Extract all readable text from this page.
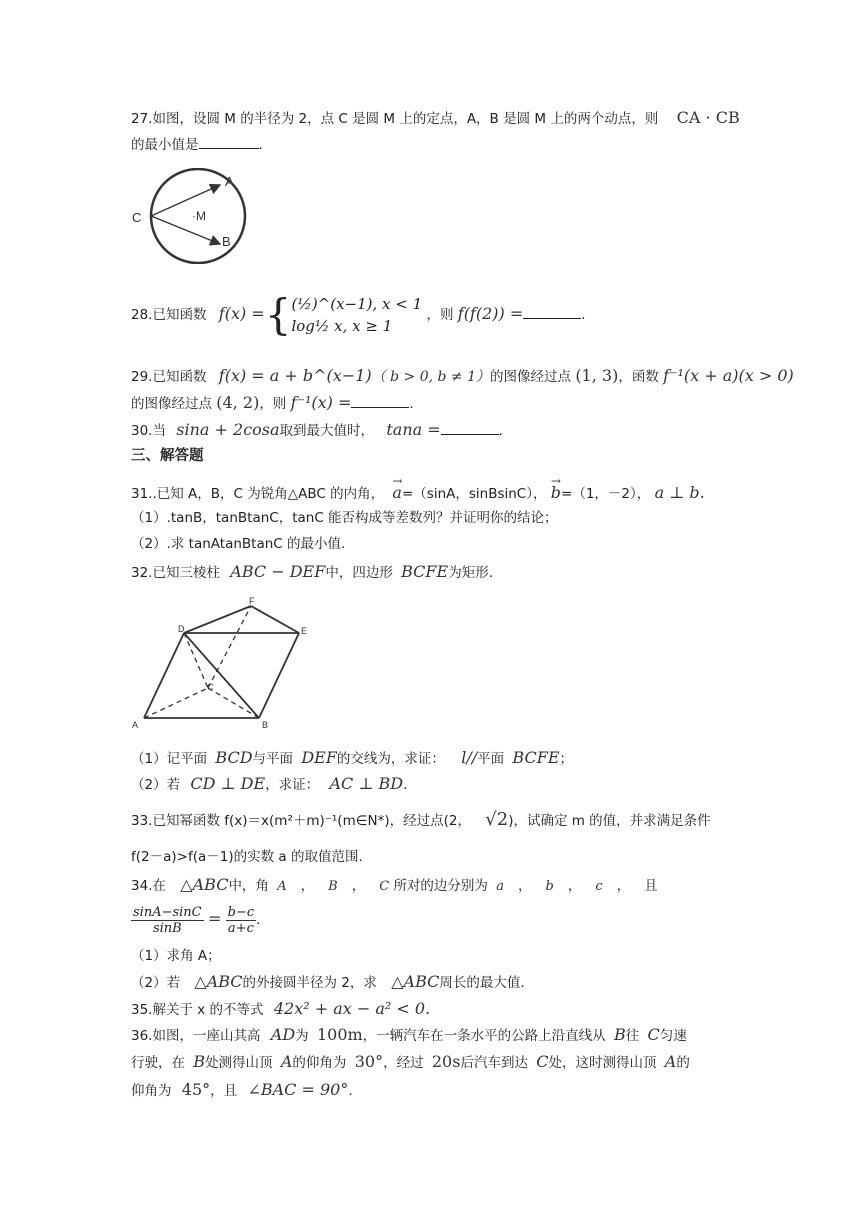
27.如图，设圆 M 的半径为 2，点 C 是圆 M 上的定点，A，B 是圆 M 上的两个动点，则 CA · CB
的最小值是	.
A
B
C	·M
28.已知函数 f(x) ={ (½)^(x−1), x < 1
log½ x, x ≥ 1
，则 f(f(2)) =	.
29.已知函数 f(x) = a + b^(x−1)（ b > 0, b ≠ 1）的图像经过点 (1, 3)，函数 f⁻¹(x + a)(x > 0)
的图像经过点 (4, 2)，则 f⁻¹(x) =	.
30.当 sina + 2cosa取到最大值时， tana =	.
三、解答题
31..已知 A，B，C 为锐角△ABC 的内角， → a=（sinA，sinBsinC）， → b=（1，－2）， a ⊥ b.
（1）.tanB，tanBtanC，tanC 能否构成等差数列？并证明你的结论；
（2）.求 tanAtanBtanC 的最小值.
32.已知三棱柱 ABC − DEF中，四边形 BCFE为矩形.
D
F
E
A	B
C
（1）记平面 BCD与平面 DEF的交线为，求证： l//平面 BCFE；
（2）若 CD ⊥ DE，求证： AC ⊥ BD.
33.已知幂函数 f(x)＝x(m²＋m)⁻¹(m∈N*)，经过点(2， √2)，试确定 m 的值，并求满足条件
f(2－a)>f(a－1)的实数 a 的取值范围.
34.在 △ABC中，角 A ， B ， C 所对的边分别为 a ， b ， c ， 且
$\frac{\sin A-\sin C}{\sin B} = \frac{b-c}{a+c}$ .
（1）求角 A；
（2）若 △ABC的外接圆半径为 2，求 △ABC周长的最大值.
35.解关于 x 的不等式 42x² + ax − a² < 0.
36.如图，一座山其高 AD为 100m，一辆汽车在一条水平的公路上沿直线从 B往 C匀速
行驶，在 B处测得山顶 A的仰角为 30°，经过 20s后汽车到达 C处，这时测得山顶 A的
仰角为 45°，且 ∠BAC = 90°.
